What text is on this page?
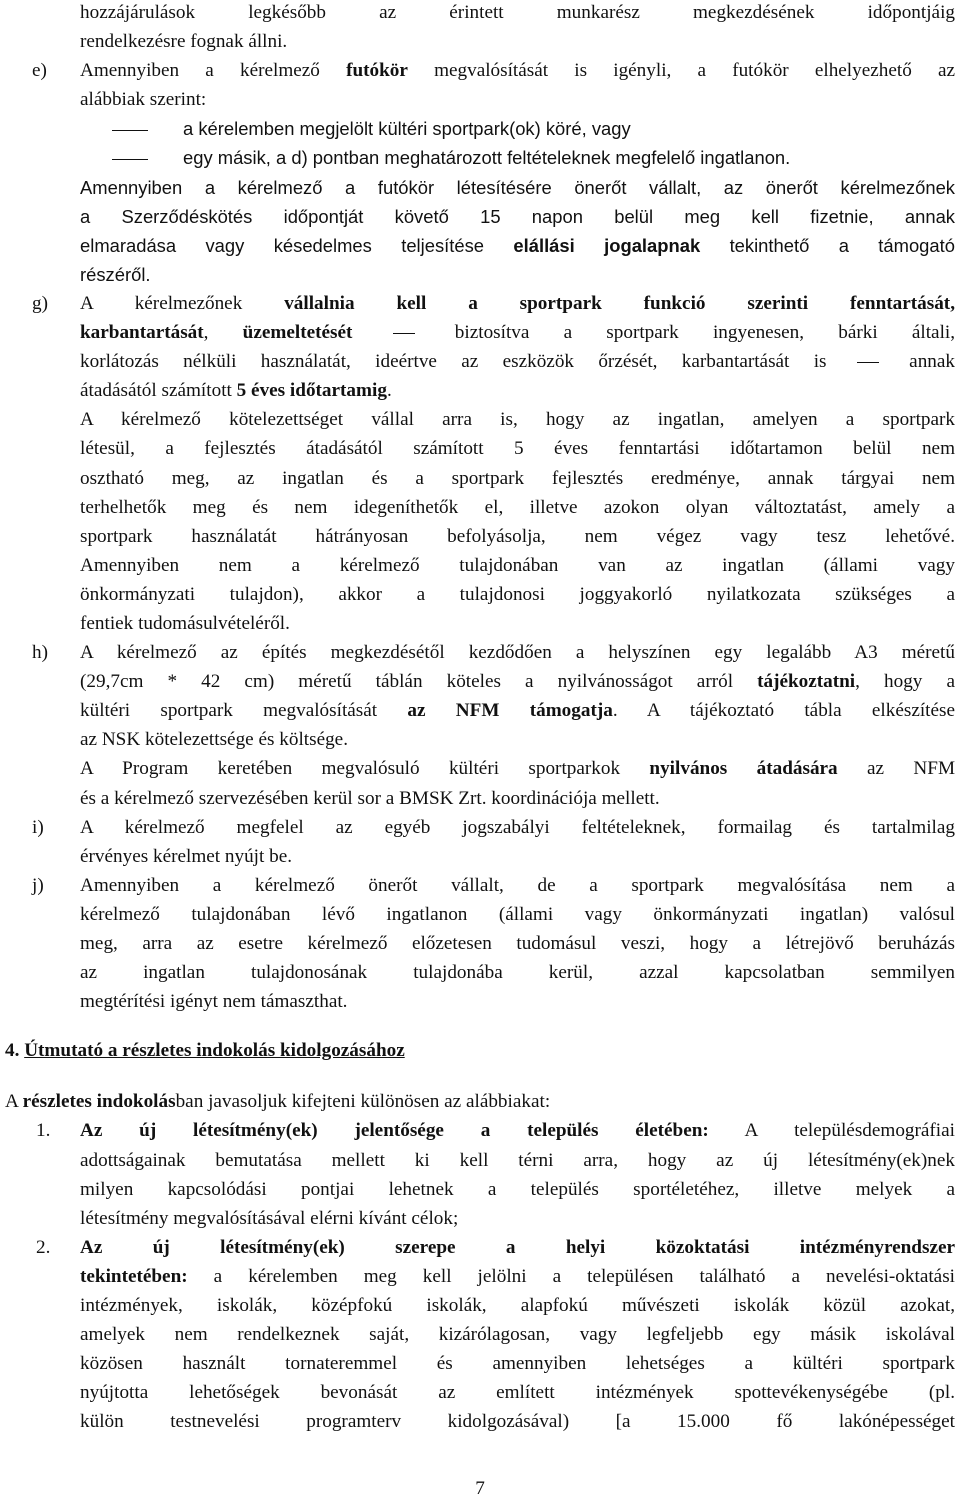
hozzájárulások legkésőbb az érintett munkarész megkezdésének időpontjáig
rendelkezésre fognak állni.
e) Amennyiben a kérelmező futókör megvalósítását is igényli, a futókör elhelyezhető az
alábbiak szerint:
a kérelemben megjelölt kültéri sportpark(ok) köré, vagy
egy másik, a d) pontban meghatározott feltételeknek megfelelő ingatlanon.
Amennyiben a kérelmező a futókör létesítésére önerőt vállalt, az önerőt kérelmezőnek
a Szerződéskötés időpontját követő 15 napon belül meg kell fizetnie, annak
elmaradása vagy késedelmes teljesítése elállási jogalapnak tekinthető a támogató
részéről.
g) A kérelmezőnek vállalnia kell a sportpark funkció szerinti fenntartását,
karbantartását, üzemeltetését	biztosítva a sportpark ingyenesen, bárki általi,
korlátozás nélküli használatát, ideértve az eszközök őrzését, karbantartását is	annak
átadásától számított 5 éves időtartamig.
A kérelmező kötelezettséget vállal arra is, hogy az ingatlan, amelyen a sportpark
létesül, a fejlesztés átadásától számított 5 éves fenntartási időtartamon belül nem
osztható meg, az ingatlan és a sportpark fejlesztés eredménye, annak tárgyai nem
terhelhetők meg és nem idegeníthetők el, illetve azokon olyan változtatást, amely a
sportpark használatát hátrányosan befolyásolja, nem végez vagy tesz lehetővé.
Amennyiben nem a kérelmező tulajdonában van az ingatlan (állami vagy
önkormányzati tulajdon), akkor a tulajdonosi joggyakorló nyilatkozata szükséges a
fentiek tudomásulvételéről.
h) A kérelmező az építés megkezdésétől kezdődően a helyszínen egy legalább A3 méretű
(29,7cm * 42 cm) méretű táblán köteles a nyilvánosságot arról tájékoztatni, hogy a
kültéri sportpark megvalósítását az NFM támogatja. A tájékoztató tábla elkészítése
az NSK kötelezettsége és költsége.
A Program keretében megvalósuló kültéri sportparkok nyilvános átadására az NFM
és a kérelmező szervezésében kerül sor a BMSK Zrt. koordinációja mellett.
i) A kérelmező megfelel az egyéb jogszabályi feltételeknek, formailag és tartalmilag
érvényes kérelmet nyújt be.
j) Amennyiben a kérelmező önerőt vállalt, de a sportpark megvalósítása nem a
kérelmező tulajdonában lévő ingatlanon (állami vagy önkormányzati ingatlan) valósul
meg, arra az esetre kérelmező előzetesen tudomásul veszi, hogy a létrejövő beruházás
az ingatlan tulajdonosának tulajdonába kerül, azzal kapcsolatban semmilyen
megtérítési igényt nem támaszthat.
4. Útmutató a részletes indokolás kidolgozásához
A részletes indokolásban javasoljuk kifejteni különösen az alábbiakat:
1. Az új létesítmény(ek) jelentősége a település életében: A településdemográfiai
adottságainak bemutatása mellett ki kell térni arra, hogy az új létesítmény(ek)nek
milyen kapcsolódási pontjai lehetnek a település sportéletéhez, illetve melyek a
létesítmény megvalósításával elérni kívánt célok;
2. Az új létesítmény(ek) szerepe a helyi közoktatási intézményrendszer
tekintetében: a kérelemben meg kell jelölni a településen található a nevelési-oktatási
intézmények, iskolák, középfokú iskolák, alapfokú művészeti iskolák közül azokat,
amelyek nem rendelkeznek saját, kizárólagosan, vagy legfeljebb egy másik iskolával
közösen használt tornateremmel és amennyiben lehetséges a kültéri sportpark
nyújtotta lehetőségek bevonását az említett intézmények spottevékenységébe (pl.
külön testnevelési programterv kidolgozásával) [a 15.000 fő lakónépességet
7
